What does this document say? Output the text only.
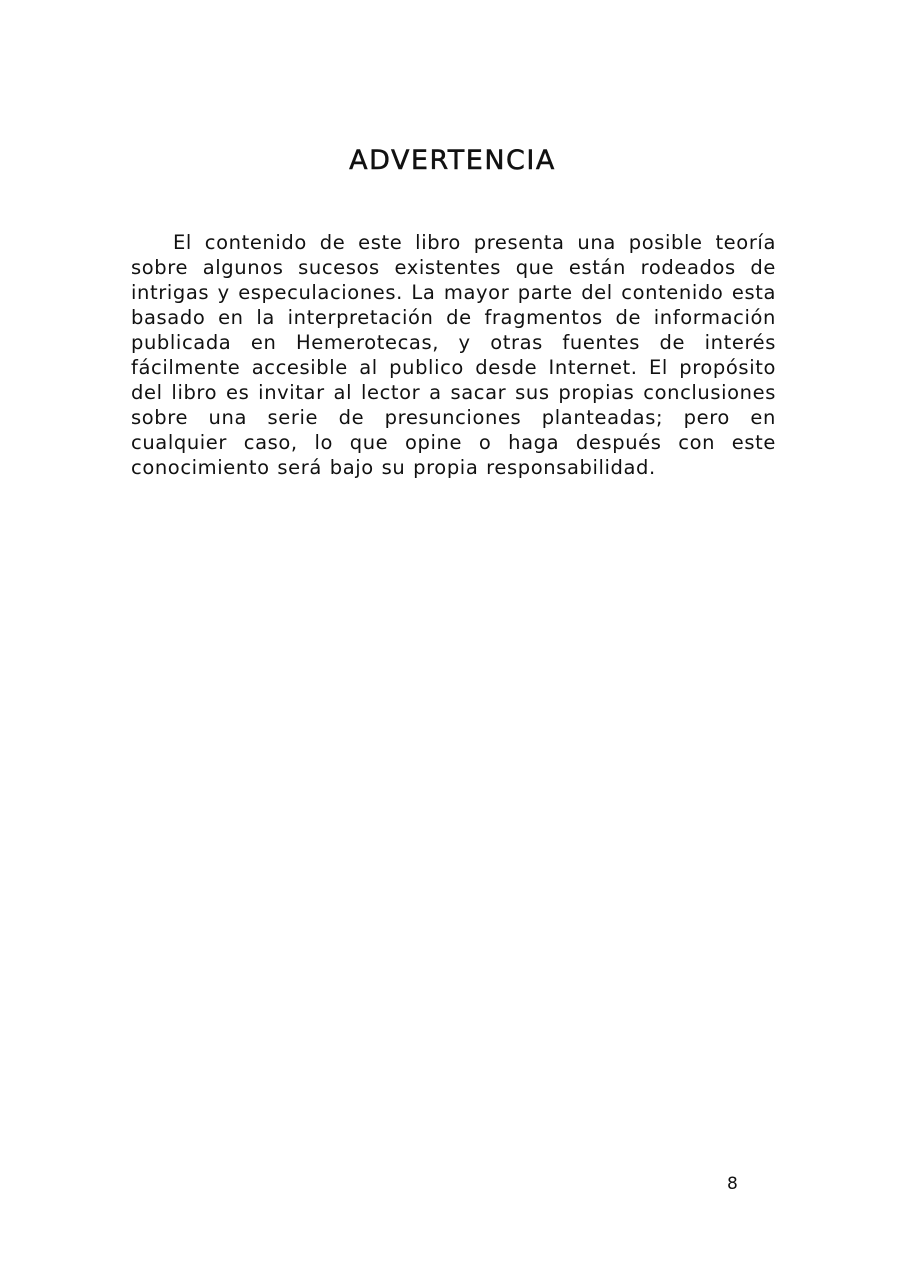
ADVERTENCIA

El contenido de este libro presenta una posible teoría sobre algunos sucesos existentes que están rodeados de intrigas y especulaciones. La mayor parte del contenido esta basado en la interpretación de fragmentos de información publicada en Hemerotecas, y otras fuentes de interés fácilmente accesible al publico desde Internet. El propósito del libro es invitar al lector a sacar sus propias conclusiones sobre una serie de presunciones planteadas; pero en cualquier caso, lo que opine o haga después con este conocimiento será bajo su propia responsabilidad.

8
